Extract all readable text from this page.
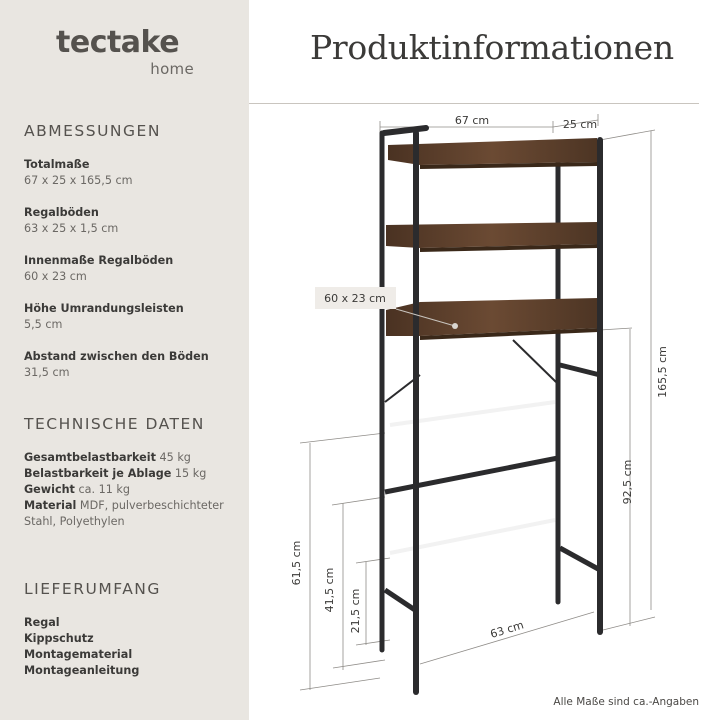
tectake
home
ABMESSUNGEN
Totalmaße
67 x 25 x 165,5 cm
Regalböden
63 x 25 x 1,5 cm
Innenmaße Regalböden
60 x 23 cm
Höhe Umrandungsleisten
5,5 cm
Abstand zwischen den Böden
31,5 cm
TECHNISCHE DATEN
Gesamtbelastbarkeit 45 kg
Belastbarkeit je Ablage 15 kg
Gewicht ca. 11 kg
Material MDF, pulverbeschichteter Stahl, Polyethylen
LIEFERUMFANG
Regal
Kippschutz
Montagematerial
Montageanleitung
Produktinformationen
60 x 23 cm
67 cm	25 cm
165,5 cm
92,5 cm
61,5 cm
41,5 cm 21,5 cm	63 cm
Alle Maße sind ca.-Angaben
